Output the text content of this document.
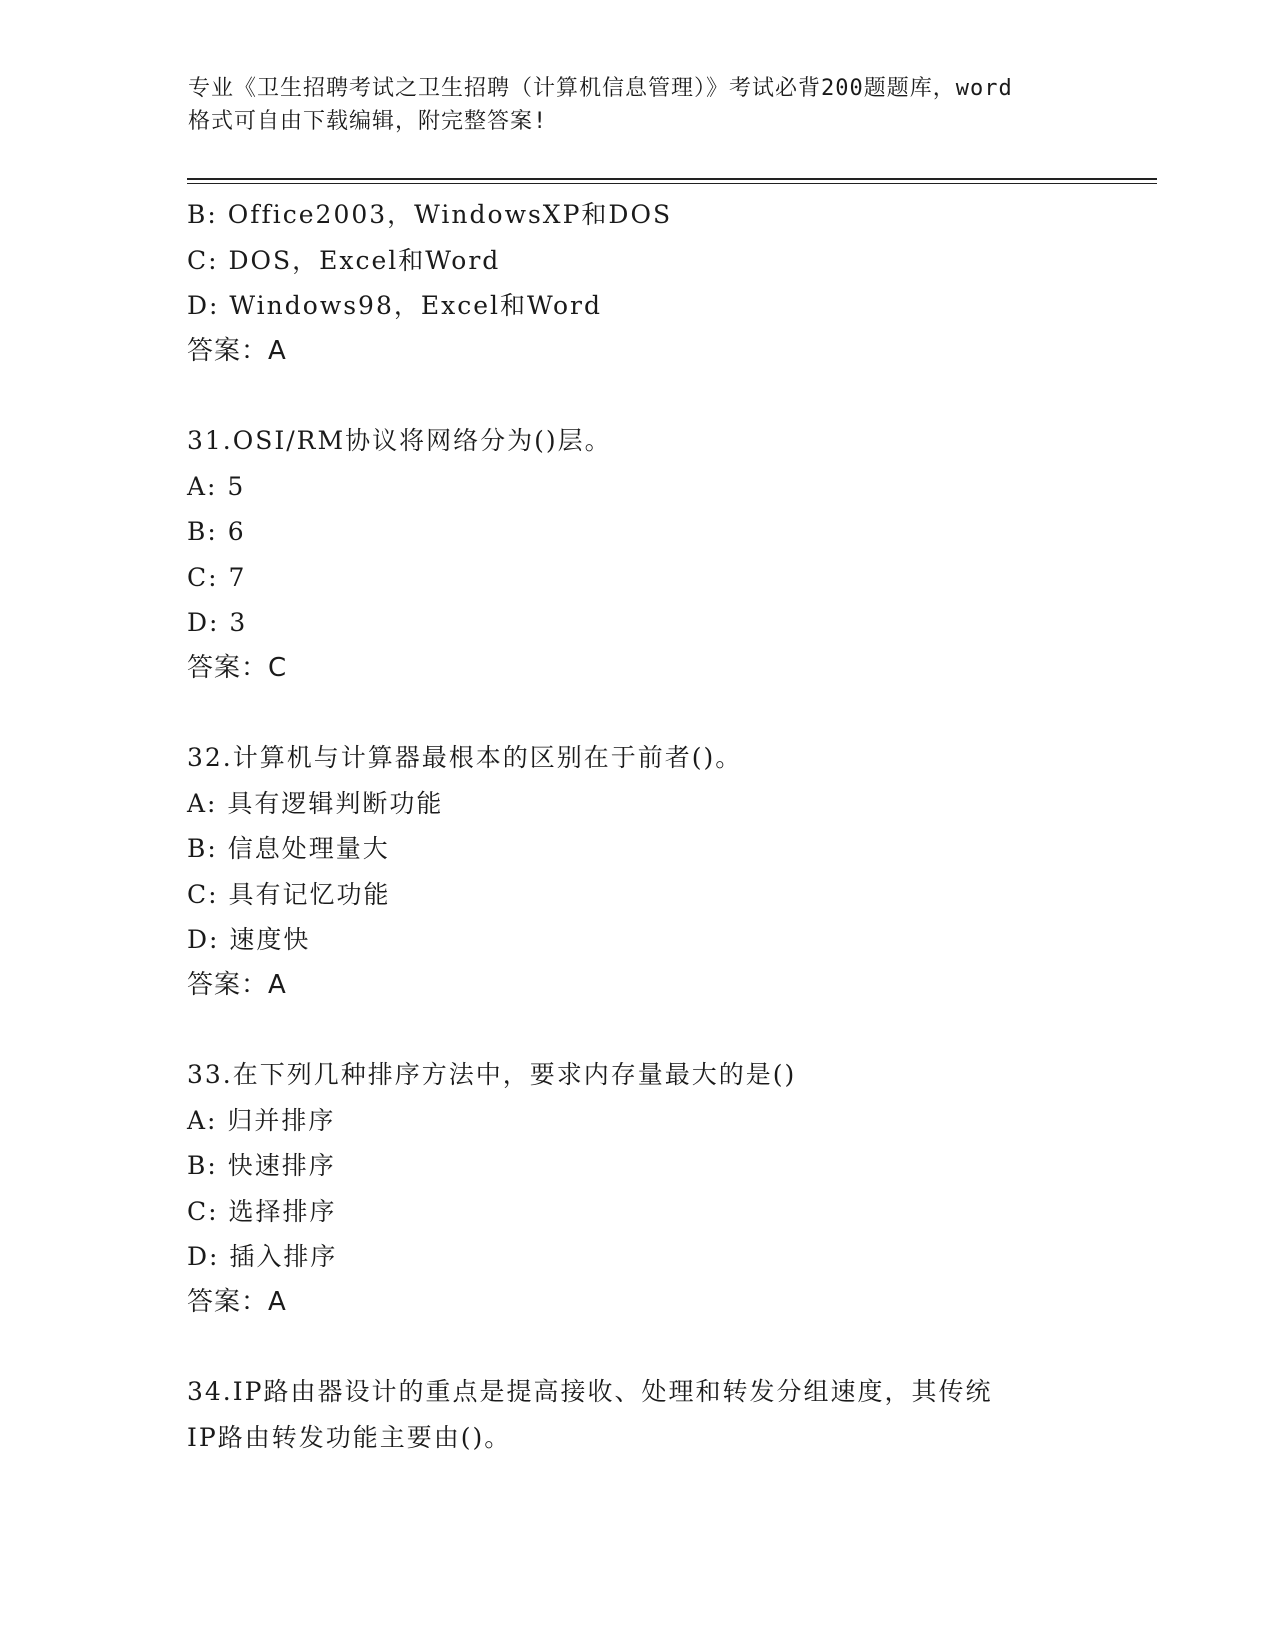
专业《卫生招聘考试之卫生招聘（计算机信息管理）》考试必背200题题库，word
格式可自由下载编辑，附完整答案!
B: Office2003，WindowsXP和DOS
C: DOS，Excel和Word
D: Windows98，Excel和Word
答案：A
31.OSI/RM协议将网络分为()层。
A: 5
B: 6
C: 7
D: 3
答案：C
32.计算机与计算器最根本的区别在于前者()。
A: 具有逻辑判断功能
B: 信息处理量大
C: 具有记忆功能
D: 速度快
答案：A
33.在下列几种排序方法中，要求内存量最大的是()
A: 归并排序
B: 快速排序
C: 选择排序
D: 插入排序
答案：A
34.IP路由器设计的重点是提高接收、处理和转发分组速度，其传统
IP路由转发功能主要由()。
